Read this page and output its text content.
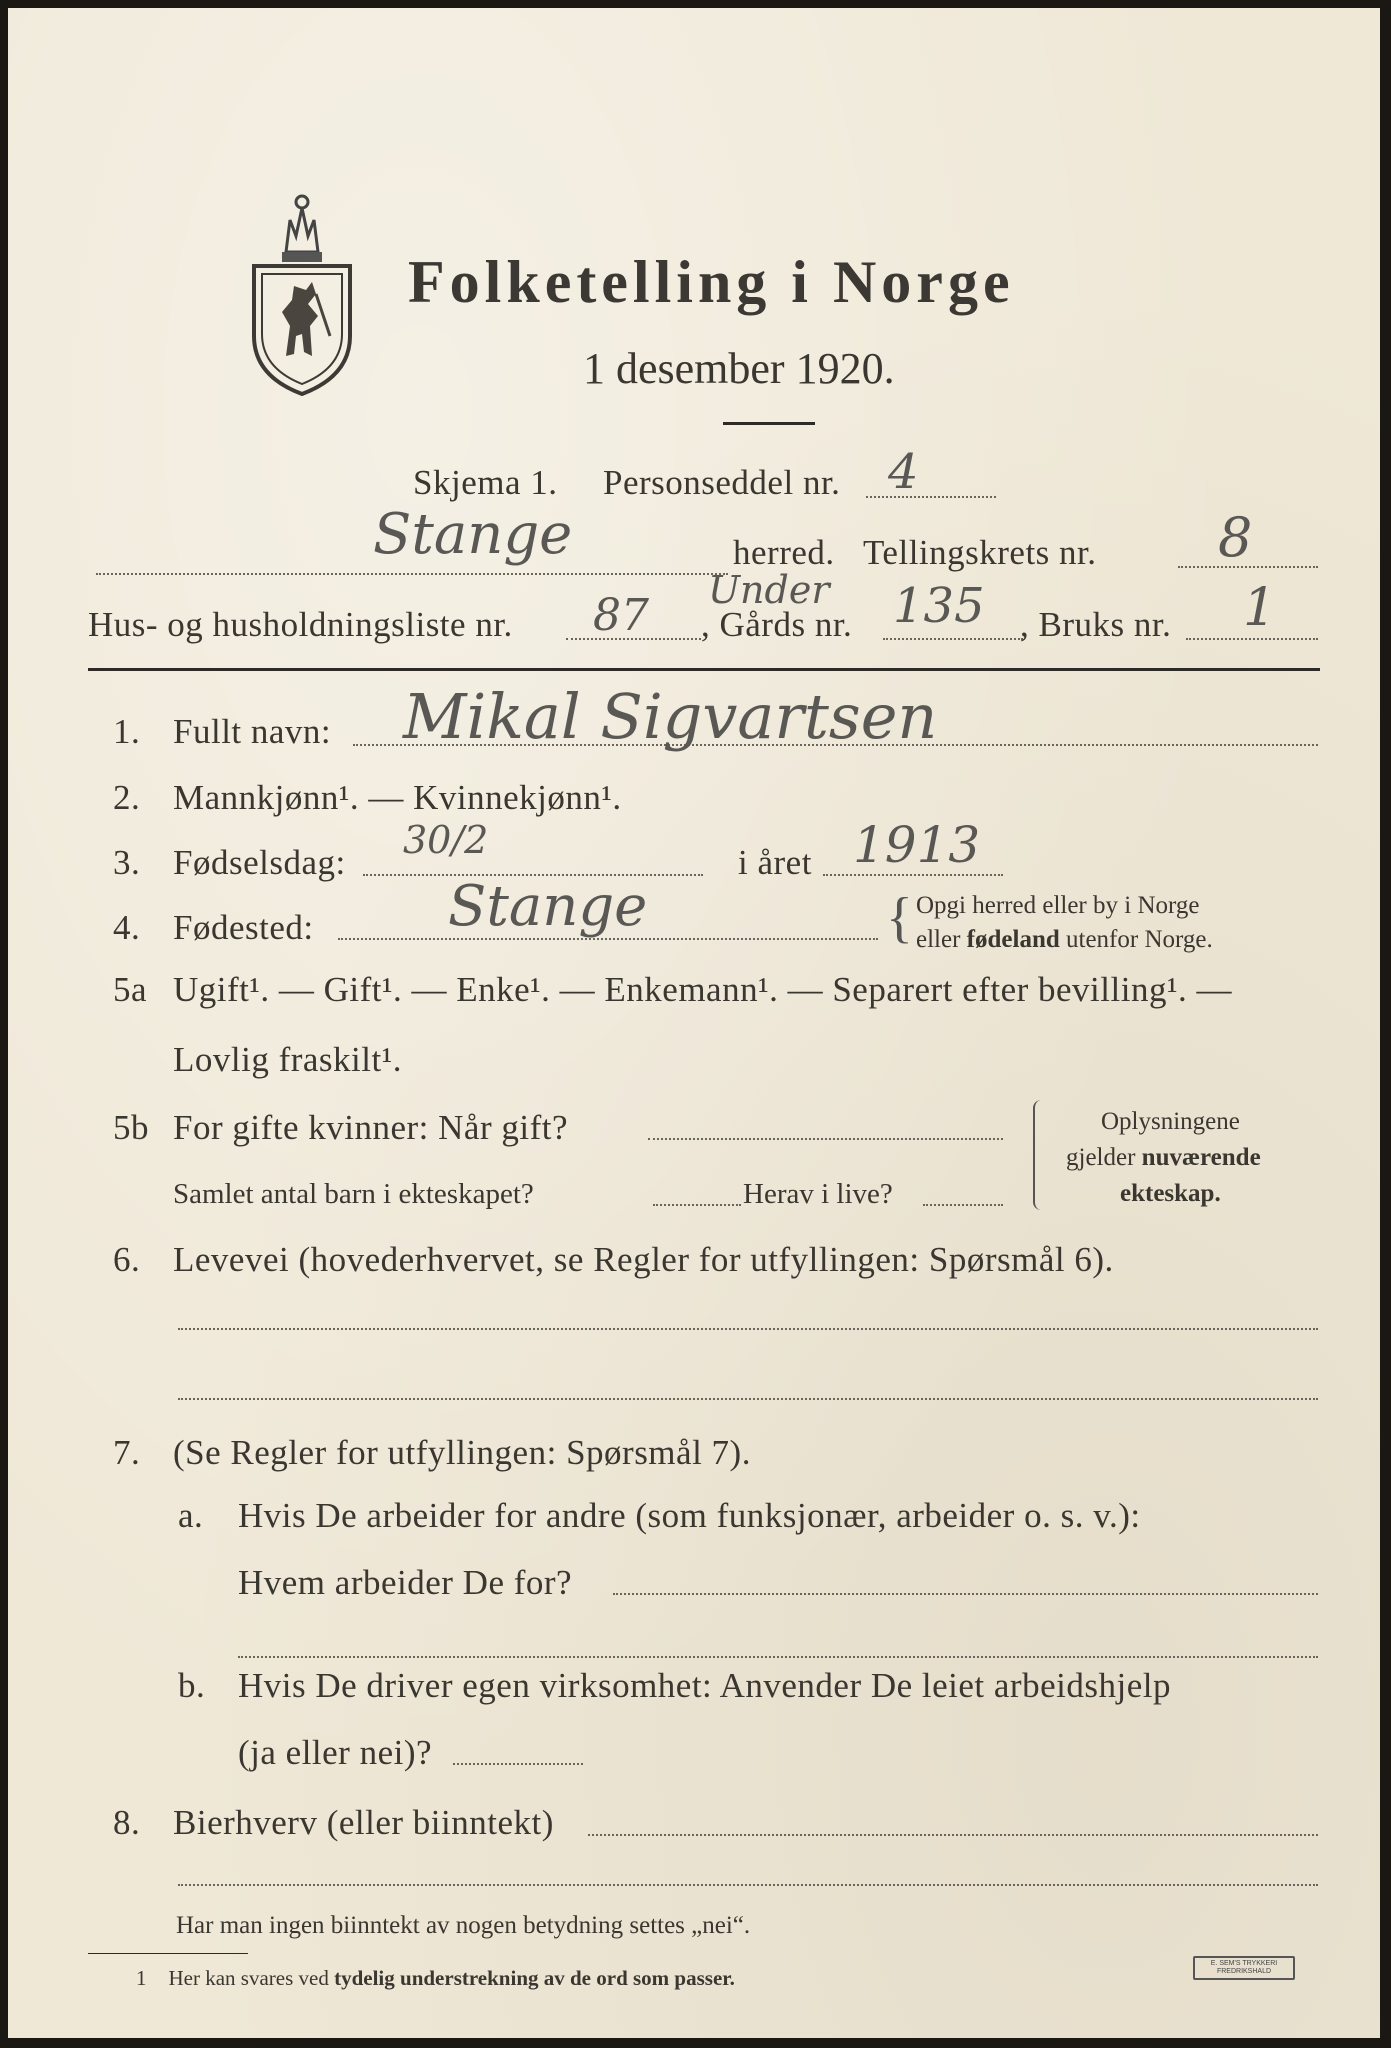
Folketelling i Norge
1 desember 1920.
Skjema 1. Personseddel nr. 4
Stange	herred. Tellingskrets nr. 8
Hus- og husholdningsliste nr. 87 Under
, Gårds nr. 135 , Bruks nr. 1
1. Fullt navn: Mikal Sigvartsen
2. Mannkjønn¹. — Kvinnekjønn¹.
3. Fødselsdag:
30/2
i året 1913
4. Fødested: Stange	{ Opgi herred eller by i Norge
eller fødeland utenfor Norge.
5a Ugift¹. — Gift¹. — Enke¹. — Enkemann¹. — Separert efter bevilling¹. —
Lovlig fraskilt¹.
5b For gifte kvinner: Når gift?
Samlet antal barn i ekteskapet?	Herav i live?
Oplysningene
gjelder nuværende
ekteskap.
6. Levevei (hovederhvervet, se Regler for utfyllingen: Spørsmål 6).
7. (Se Regler for utfyllingen: Spørsmål 7).
a. Hvis De arbeider for andre (som funksjonær, arbeider o. s. v.):
Hvem arbeider De for?
b. Hvis De driver egen virksomhet: Anvender De leiet arbeidshjelp
(ja eller nei)?
8. Bierhverv (eller biinntekt)
Har man ingen biinntekt av nogen betydning settes „nei“.
1 Her kan svares ved tydelig understrekning av de ord som passer.
E. SEM'S TRYKKERI
FREDRIKSHALD
